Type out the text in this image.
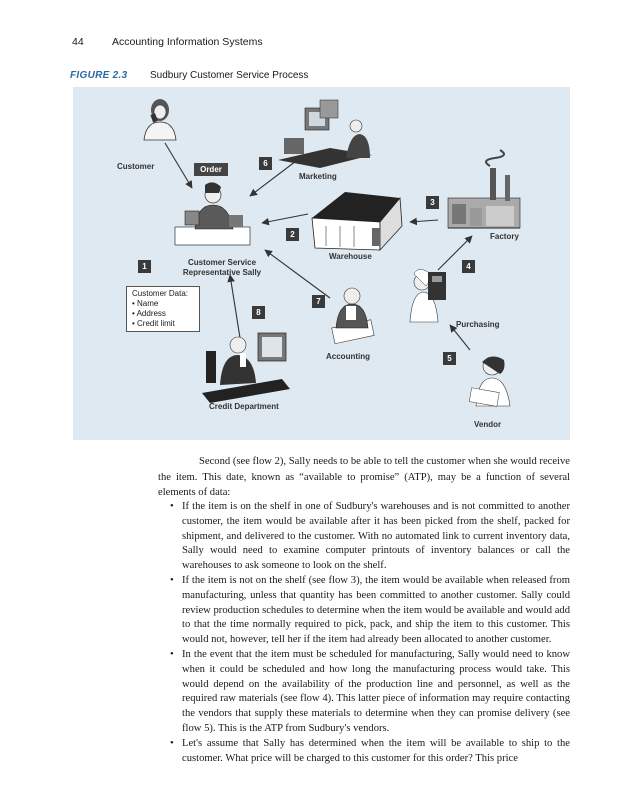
44	Accounting Information Systems
FIGURE 2.3 Sudbury Customer Service Process
Customer	Order
Marketing
Customer Service
Representative Sally
Warehouse
Factory
Purchasing
Accounting
Credit Department
Vendor
1
2
3
4
5
6
7
8
Customer Data:
• Name
• Address
• Credit limit

Second (see flow 2), Sally needs to be able to tell the customer when she would receive the item. This date, known as “available to promise” (ATP), may be a function of several elements of data:

• If the item is on the shelf in one of Sudbury's warehouses and is not committed to another customer, the item would be available after it has been picked from the shelf, packed for shipment, and delivered to the customer. With no automated link to current inventory data, Sally would need to examine computer printouts of inventory balances or call the warehouses to ask someone to look on the shelf.
• If the item is not on the shelf (see flow 3), the item would be available when released from manufacturing, unless that quantity has been committed to another customer. Sally could review production schedules to determine when the item would be available and would add to that the time normally required to pick, pack, and ship the item to this customer. This would not, however, tell her if the item had already been allocated to another customer.
• In the event that the item must be scheduled for manufacturing, Sally would need to know when it could be scheduled and how long the manufacturing process would take. This would depend on the availability of the production line and personnel, as well as the required raw materials (see flow 4). This latter piece of information may require contacting the vendors that supply these materials to determine when they can promise delivery (see flow 5). This is the ATP from Sudbury's vendors.
• Let's assume that Sally has determined when the item will be available to ship to the customer. What price will be charged to this customer for this order? This price
